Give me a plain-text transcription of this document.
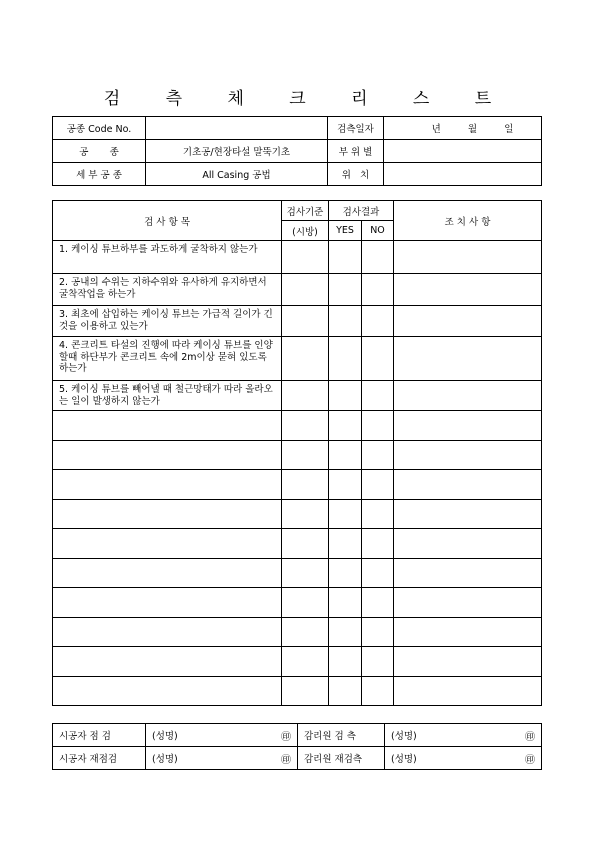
검 측 체 크 리 스 트
공종 Code No.		검측일자	년 월 일

공       종	기초공/현장타설 말뚝기초	부 위 별	
세 부 공 종	All Casing 공법	위   치	
검 사 항 목	검사기준	검사결과		조 치 사 항
	(시방)	YES	NO	
1. 케이싱 튜브하부를 과도하게 굴착하지 않는가				
2. 공내의 수위는 지하수위와 유사하게 유지하면서 굴착작업을 하는가				
3. 최초에 삽입하는 케이싱 튜브는 가급적 길이가 긴것을 이용하고 있는가				
4. 콘크리트 타설의 진행에 따라 케이싱 튜브를 인양할때 하단부가 콘크리트 속에 2m이상 묻혀 있도록 하는가				
5. 케이싱 튜브를 빼어낼 때 철근망태가 따라 올라오는 일이 발생하지 않는가				

시공자 점 검	(성명) ㊞	감리원 검 측	(성명) ㊞

시공자 재점검	(성명) ㊞	감리원 재검측	(성명) ㊞
